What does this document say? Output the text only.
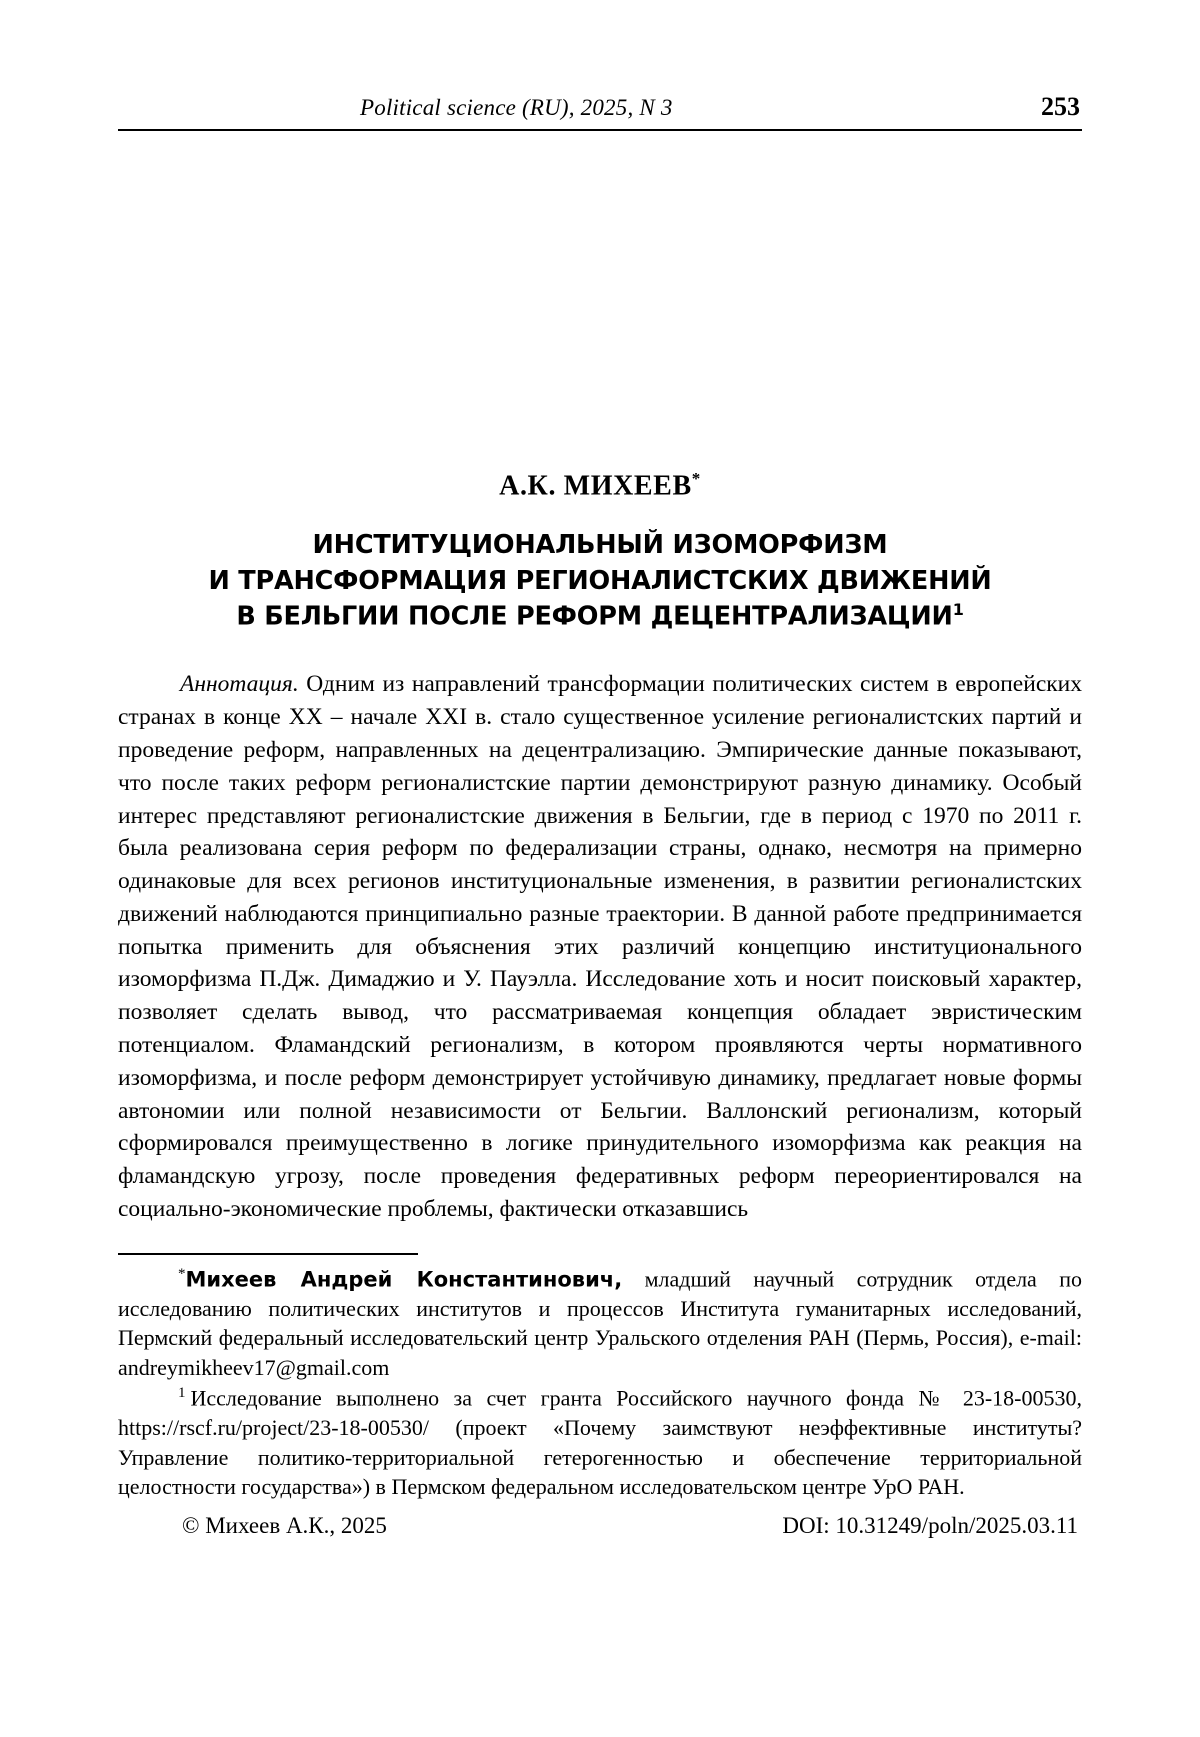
Political science (RU), 2025, N 3	253
А.К. МИХЕЕВ*
ИНСТИТУЦИОНАЛЬНЫЙ ИЗОМОРФИЗМ
И ТРАНСФОРМАЦИЯ РЕГИОНАЛИСТСКИХ ДВИЖЕНИЙ
В БЕЛЬГИИ ПОСЛЕ РЕФОРМ ДЕЦЕНТРАЛИЗАЦИИ$^1$
Аннотация. Одним из направлений трансформации политических систем в европейских странах в конце XX – начале XXI в. стало существенное усиление регионалистских партий и проведение реформ, направленных на децентрализацию. Эмпирические данные показывают, что после таких реформ регионалистские партии демонстрируют разную динамику. Особый интерес представляют регионалистские движения в Бельгии, где в период с 1970 по 2011 г. была реализована серия реформ по федерализации страны, однако, несмотря на примерно одинаковые для всех регионов институциональные изменения, в развитии регионалистских движений наблюдаются принципиально разные траектории. В данной работе предпринимается попытка применить для объяснения этих различий концепцию институционального изоморфизма П.Дж. Димаджио и У. Пауэлла. Исследование хоть и носит поисковый характер, позволяет сделать вывод, что рассматриваемая концепция обладает эвристическим потенциалом. Фламандский регионализм, в котором проявляются черты нормативного изоморфизма, и после реформ демонстрирует устойчивую динамику, предлагает новые формы автономии или полной независимости от Бельгии. Валлонский регионализм, который сформировался преимущественно в логике принудительного изоморфизма как реакция на фламандскую угрозу, после проведения федеративных реформ переориентировался на социально-экономические проблемы, фактически отказавшись
*Михеев Андрей Константинович, младший научный сотрудник отдела по исследованию политических институтов и процессов Института гуманитарных исследований, Пермский федеральный исследовательский центр Уральского отделения РАН (Пермь, Россия), e-mail: andreymikheev17@gmail.com
$^1$ Исследование выполнено за счет гранта Российского научного фонда № 23-18-00530, https://rscf.ru/project/23-18-00530/ (проект «Почему заимствуют неэффективные институты? Управление политико-территориальной гетерогенностью и обеспечение территориальной целостности государства») в Пермском федеральном исследовательском центре УрО РАН.
© Михеев А.К., 2025	DOI: 10.31249/poln/2025.03.11
